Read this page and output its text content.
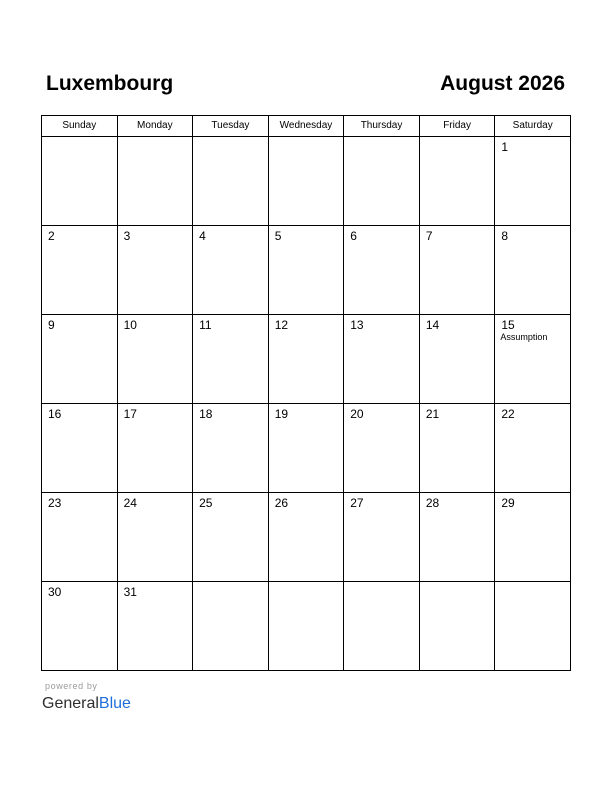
Luxembourg	August 2026
Sunday	Monday	Tuesday	Wednesday	Thursday	Friday	Saturday

						1

2	3	4	5	6	7	8

9	10	11	12	13	14	15
Assumption

16	17	18	19	20	21	22

23	24	25	26	27	28	29

30	31					

powered by
GeneralBlue
